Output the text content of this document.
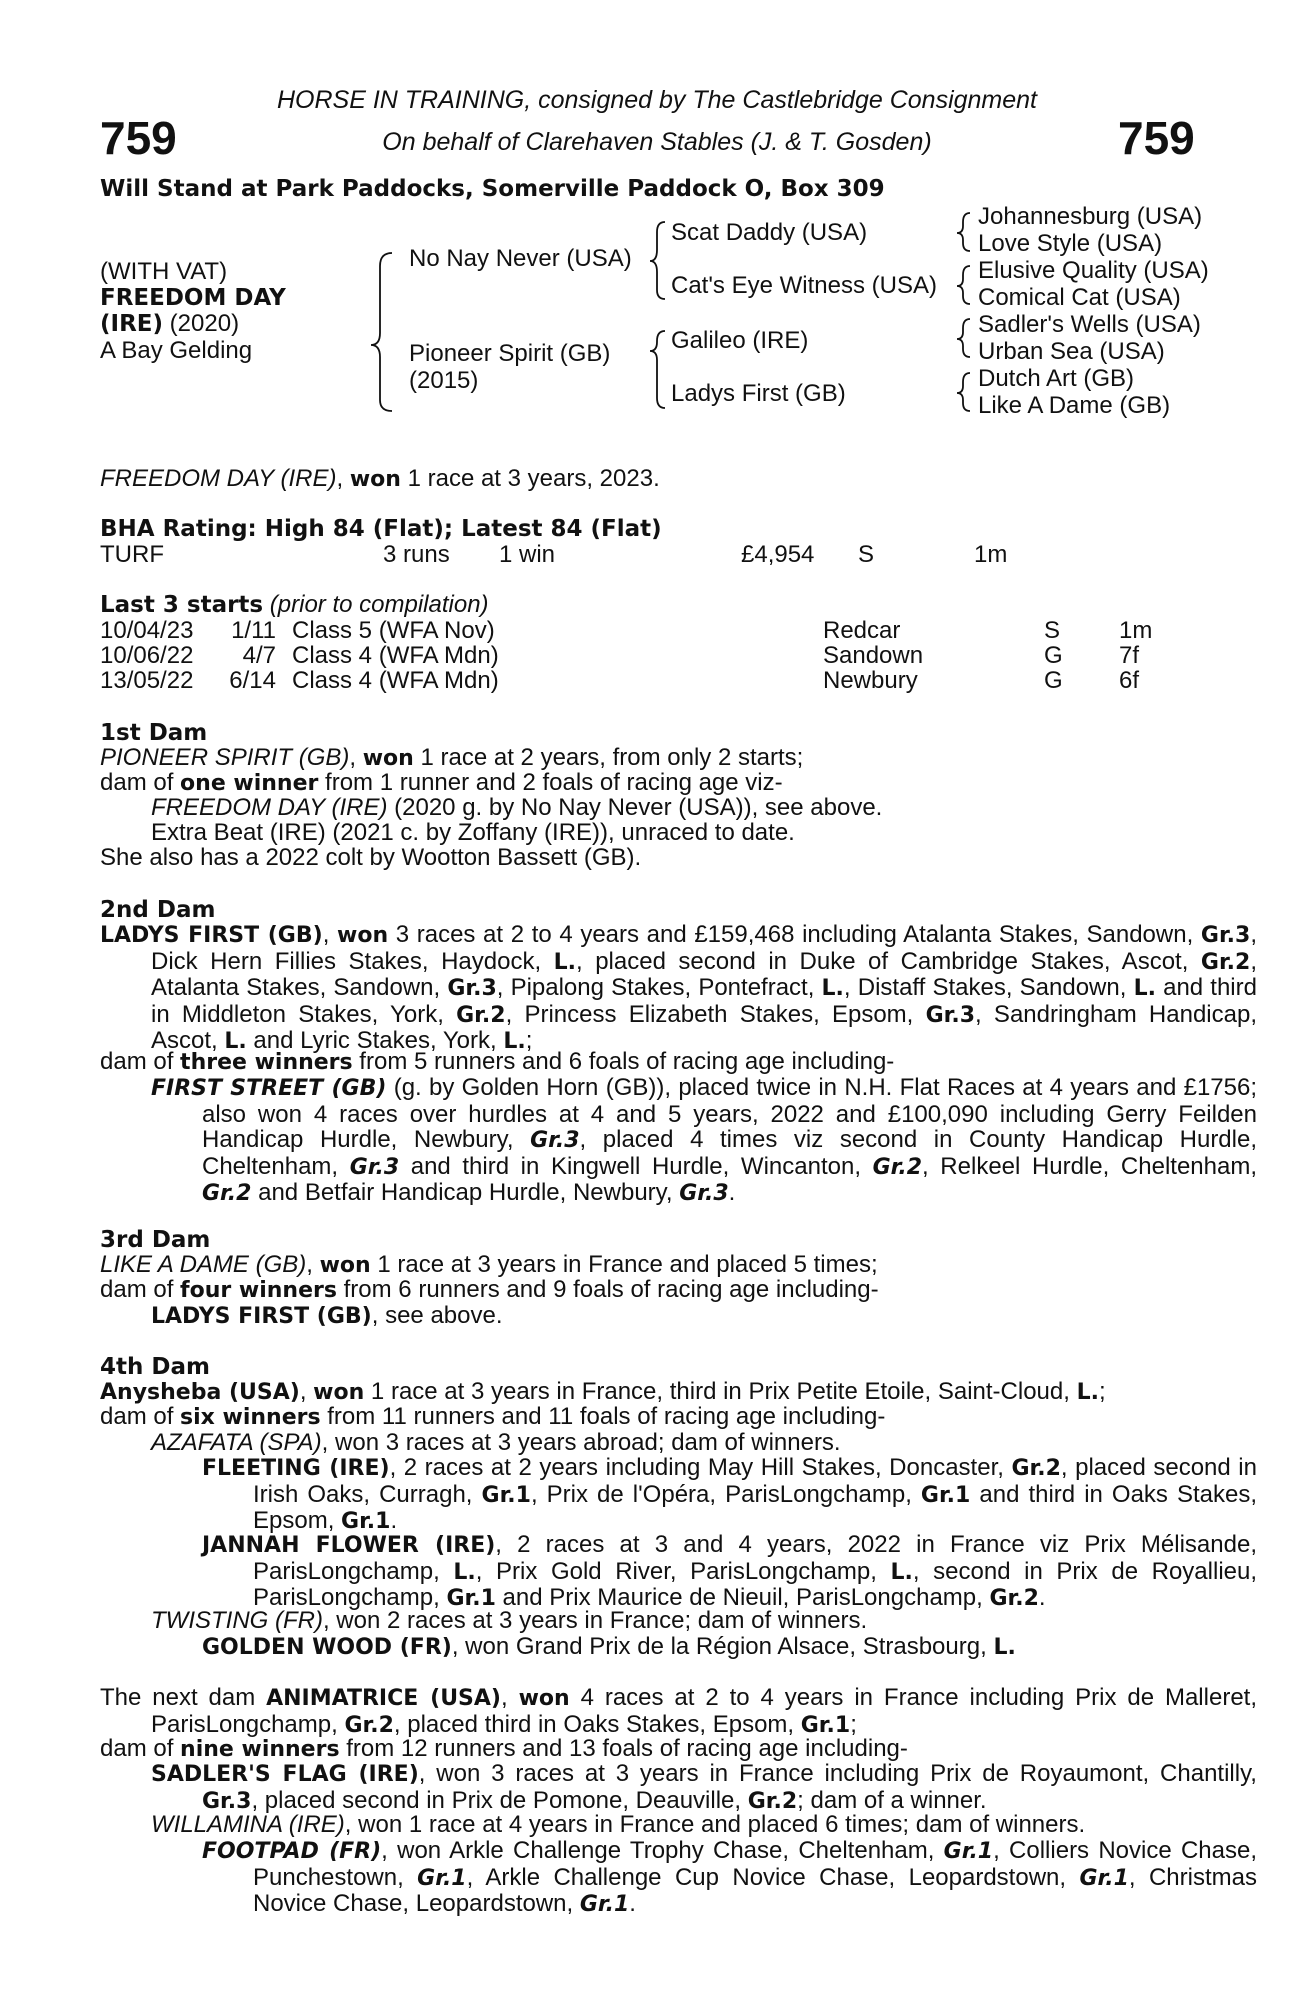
759	759
HORSE IN TRAINING, consigned by The Castlebridge Consignment
On behalf of Clarehaven Stables (J. & T. Gosden)
Will Stand at Park Paddocks, Somerville Paddock O, Box 309
(WITH VAT)
FREEDOM DAY
(IRE) (2020)
A Bay Gelding
No Nay Never (USA)
Pioneer Spirit (GB)
(2015)
Scat Daddy (USA)
Cat's Eye Witness (USA)
Galileo (IRE)
Ladys First (GB)
Johannesburg (USA)
Love Style (USA)
Elusive Quality (USA)
Comical Cat (USA)
Sadler's Wells (USA)
Urban Sea (USA)
Dutch Art (GB)
Like A Dame (GB)
FREEDOM DAY (IRE), won 1 race at 3 years, 2023.
BHA Rating: High 84 (Flat); Latest 84 (Flat)
TURF	3 runs 1 win	£4,954 S	1m
Last 3 starts (prior to compilation)
10/04/23	1/11 Class 5 (WFA Nov)	Redcar	S 1m
10/06/22	4/7 Class 4 (WFA Mdn)	Sandown	G 7f
13/05/22	6/14 Class 4 (WFA Mdn)	Newbury	G 6f
1st Dam
PIONEER SPIRIT (GB), won 1 race at 2 years, from only 2 starts;
dam of one winner from 1 runner and 2 foals of racing age viz-
FREEDOM DAY (IRE) (2020 g. by No Nay Never (USA)), see above.
Extra Beat (IRE) (2021 c. by Zoffany (IRE)), unraced to date.
She also has a 2022 colt by Wootton Bassett (GB).
2nd Dam
LADYS FIRST (GB), won 3 races at 2 to 4 years and £159,468 including Atalanta Stakes, Sandown, Gr.3, Dick Hern Fillies Stakes, Haydock, L., placed second in Duke of Cambridge Stakes, Ascot, Gr.2, Atalanta Stakes, Sandown, Gr.3, Pipalong Stakes, Pontefract, L., Distaff Stakes, Sandown, L. and third in Middleton Stakes, York, Gr.2, Princess Elizabeth Stakes, Epsom, Gr.3, Sandringham Handicap, Ascot, L. and Lyric Stakes, York, L.;
dam of three winners from 5 runners and 6 foals of racing age including-
FIRST STREET (GB) (g. by Golden Horn (GB)), placed twice in N.H. Flat Races at 4 years and £1756; also won 4 races over hurdles at 4 and 5 years, 2022 and £100,090 including Gerry Feilden Handicap Hurdle, Newbury, Gr.3, placed 4 times viz second in County Handicap Hurdle, Cheltenham, Gr.3 and third in Kingwell Hurdle, Wincanton, Gr.2, Relkeel Hurdle, Cheltenham, Gr.2 and Betfair Handicap Hurdle, Newbury, Gr.3.
3rd Dam
LIKE A DAME (GB), won 1 race at 3 years in France and placed 5 times;
dam of four winners from 6 runners and 9 foals of racing age including-
LADYS FIRST (GB), see above.
4th Dam
Anysheba (USA), won 1 race at 3 years in France, third in Prix Petite Etoile, Saint-Cloud, L.;
dam of six winners from 11 runners and 11 foals of racing age including-
AZAFATA (SPA), won 3 races at 3 years abroad; dam of winners.
FLEETING (IRE), 2 races at 2 years including May Hill Stakes, Doncaster, Gr.2, placed second in Irish Oaks, Curragh, Gr.1, Prix de l'Opéra, ParisLongchamp, Gr.1 and third in Oaks Stakes, Epsom, Gr.1.
JANNAH FLOWER (IRE), 2 races at 3 and 4 years, 2022 in France viz Prix Mélisande, ParisLongchamp, L., Prix Gold River, ParisLongchamp, L., second in Prix de Royallieu, ParisLongchamp, Gr.1 and Prix Maurice de Nieuil, ParisLongchamp, Gr.2.
TWISTING (FR), won 2 races at 3 years in France; dam of winners.
GOLDEN WOOD (FR), won Grand Prix de la Région Alsace, Strasbourg, L.
The next dam ANIMATRICE (USA), won 4 races at 2 to 4 years in France including Prix de Malleret, ParisLongchamp, Gr.2, placed third in Oaks Stakes, Epsom, Gr.1;
dam of nine winners from 12 runners and 13 foals of racing age including-
SADLER'S FLAG (IRE), won 3 races at 3 years in France including Prix de Royaumont, Chantilly, Gr.3, placed second in Prix de Pomone, Deauville, Gr.2; dam of a winner.
WILLAMINA (IRE), won 1 race at 4 years in France and placed 6 times; dam of winners.
FOOTPAD (FR), won Arkle Challenge Trophy Chase, Cheltenham, Gr.1, Colliers Novice Chase, Punchestown, Gr.1, Arkle Challenge Cup Novice Chase, Leopardstown, Gr.1, Christmas Novice Chase, Leopardstown, Gr.1.
